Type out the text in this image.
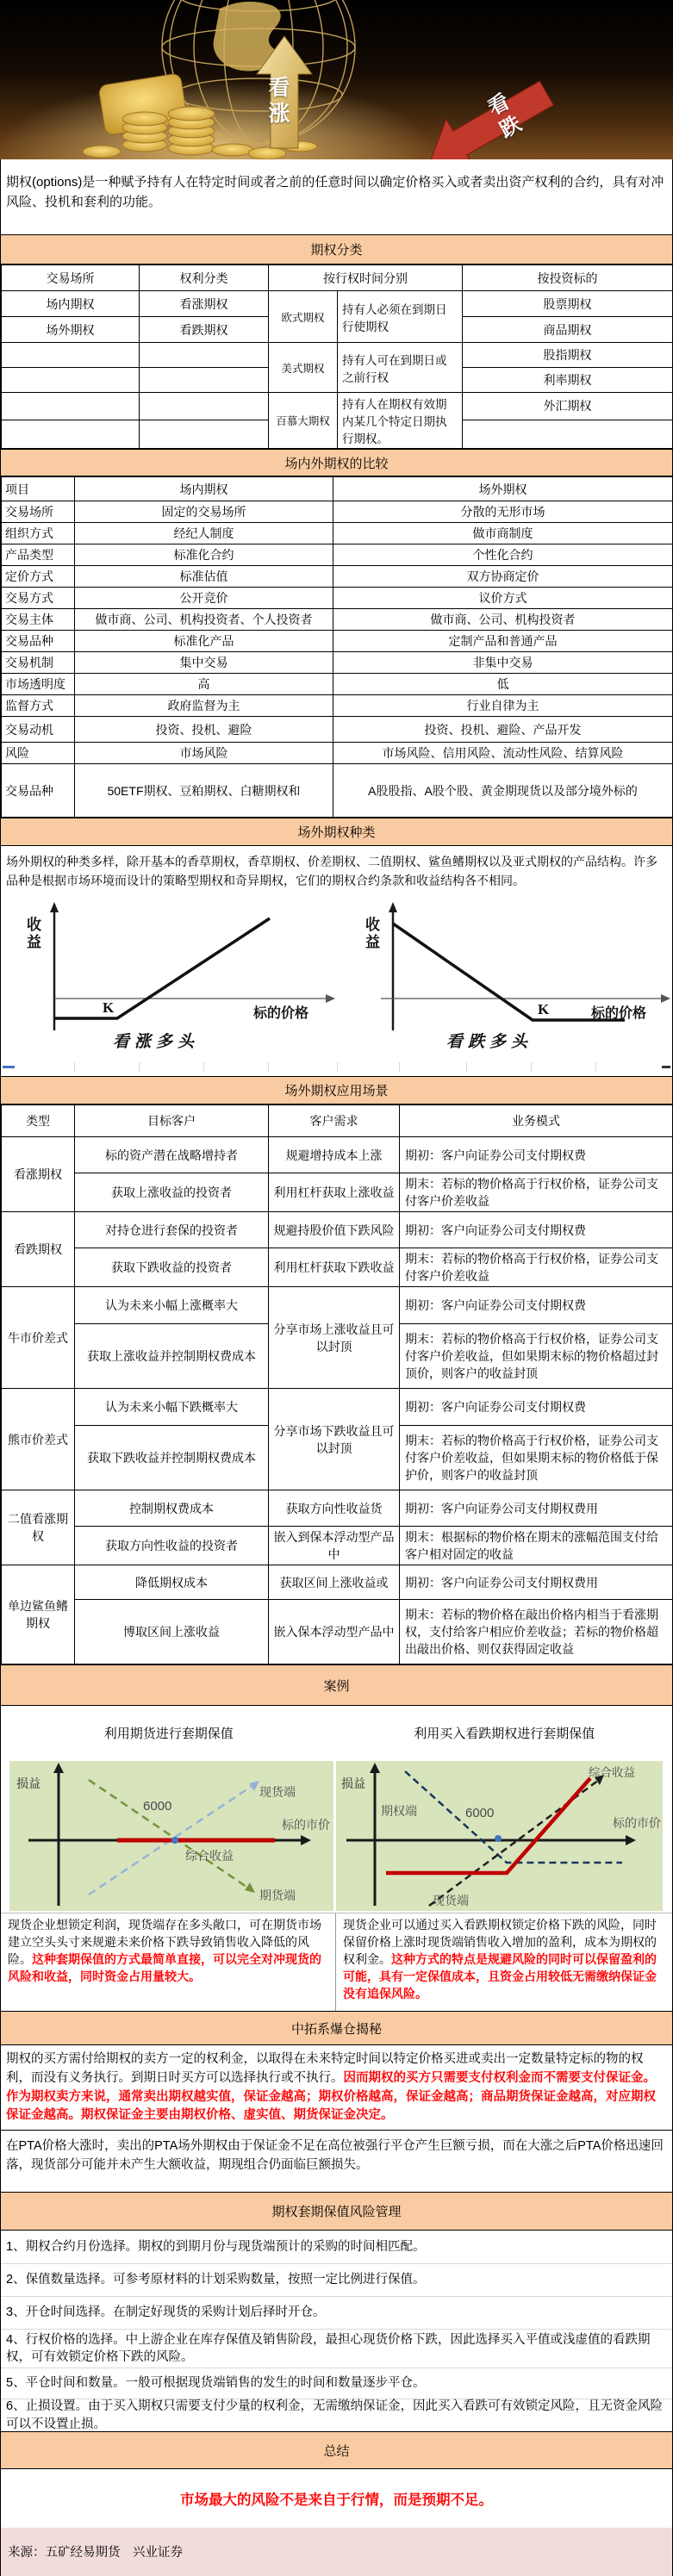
看涨	看跌
期权(options)是一种赋予持有人在特定时间或者之前的任意时间以确定价格买入或者卖出资产权利的合约，具有对冲风险、投机和套利的功能。
期权分类
交易场所	权利分类	按行权时间分别		按投资标的
场内期权	看涨期权	欧式期权	持有人必须在到期日行使期权	股票期权
场外期权	看跌期权			商品期权
		美式期权	持有人可在到期日或之前行权	股指期权
				利率期权
		百慕大期权	持有人在期权有效期内某几个特定日期执行期权。	外汇期权

场内外期权的比较
项目	场内期权	场外期权
交易场所	固定的交易场所	分散的无形市场
组织方式	经纪人制度	做市商制度
产品类型	标准化合约	个性化合约
定价方式	标准估值	双方协商定价
交易方式	公开竞价	议价方式
交易主体	做市商、公司、机构投资者、个人投资者	做市商、公司、机构投资者
交易品种	标准化产品	定制产品和普通产品
交易机制	集中交易	非集中交易
市场透明度	高	低
监督方式	政府监督为主	行业自律为主
交易动机	投资、投机、避险	投资、投机、避险、产品开发
风险	市场风险	市场风险、信用风险、流动性风险、结算风险
交易品种	50ETF期权、豆粕期权、白糖期权和	A股股指、A股个股、黄金期现货以及部分境外标的
场外期权种类
场外期权的种类多样，除开基本的香草期权，香草期权、价差期权、二值期权、鲨鱼鳍期权以及亚式期权的产品结构。许多品种是根据市场环境而设计的策略型期权和奇异期权，它们的期权合约条款和收益结构各不相同。
收益
K	标的价格
看涨多头
收益
K	标的价格
看跌多头
场外期权应用场景
类型	目标客户	客户需求	业务模式
看涨期权	标的资产潜在战略增持者	规避增持成本上涨	期初：客户向证券公司支付期权费
	获取上涨收益的投资者	利用杠杆获取上涨收益	期末：若标的物价格高于行权价格，证券公司支付客户价差收益
看跌期权	对持仓进行套保的投资者	规避持股价值下跌风险	期初：客户向证券公司支付期权费
	获取下跌收益的投资者	利用杠杆获取下跌收益	期末：若标的物价格高于行权价格，证券公司支付客户价差收益
牛市价差式	认为未来小幅上涨概率大	分享市场上涨收益且可以封顶	期初：客户向证券公司支付期权费
	获取上涨收益并控制期权费成本		期末：若标的物价格高于行权价格，证券公司支付客户价差收益，但如果期末标的物价格超过封顶价，则客户的收益封顶
熊市价差式	认为未来小幅下跌概率大	分享市场下跌收益且可以封顶	期初：客户向证券公司支付期权费
	获取下跌收益并控制期权费成本		期末：若标的物价格高于行权价格，证券公司支付客户价差收益，但如果期末标的物价格低于保护价，则客户的收益封顶
二值看涨期权	控制期权费成本	获取方向性收益货	期初：客户向证券公司支付期权费用
	获取方向性收益的投资者	嵌入到保本浮动型产品中	期末：根据标的物价格在期末的涨幅范围支付给客户相对固定的收益
单边鲨鱼鳍期权	降低期权成本	获取区间上涨收益或	期初：客户向证券公司支付期权费用
	博取区间上涨收益	嵌入保本浮动型产品中	期末：若标的物价格在敲出价格内相当于看涨期权，支付给客户相应价差收益；若标的物价格超出敲出价格、则仅获得固定收益
案例
利用期货进行套期保值	利用买入看跌期权进行套期保值
损益
6000
现货端
期货端
综合收益
标的市价
损益
期权端	6000
综合收益
现货端
标的市价
现货企业想锁定利润，现货端存在多头敞口，可在期货市场建立空头头寸来规避未来价格下跌导致销售收入降低的风险。这种套期保值的方式最简单直接，可以完全对冲现货的风险和收益，同时资金占用量较大。
现货企业可以通过买入看跌期权锁定价格下跌的风险，同时保留价格上涨时现货端销售收入增加的盈利，成本为期权的权利金。这种方式的特点是规避风险的同时可以保留盈利的可能，具有一定保值成本，且资金占用较低无需缴纳保证金没有追保风险。
中拓系爆仓揭秘
期权的买方需付给期权的卖方一定的权利金，以取得在未来特定时间以特定价格买进或卖出一定数量特定标的物的权利，而没有义务执行。到期日时买方可以选择执行或不执行。因而期权的买方只需要支付权利金而不需要支付保证金。作为期权卖方来说，通常卖出期权越实值，保证金越高；期权价格越高，保证金越高；商品期货保证金越高，对应期权保证金越高。期权保证金主要由期权价格、虚实值、期货保证金决定。
在PTA价格大涨时，卖出的PTA场外期权由于保证金不足在高位被强行平仓产生巨额亏损，而在大涨之后PTA价格迅速回落，现货部分可能并未产生大额收益，期现组合仍面临巨额损失。
期权套期保值风险管理
1、期权合约月份选择。期权的到期月份与现货端预计的采购的时间相匹配。
2、保值数量选择。可参考原材料的计划采购数量，按照一定比例进行保值。
3、开仓时间选择。在制定好现货的采购计划后择时开仓。
4、行权价格的选择。中上游企业在库存保值及销售阶段，最担心现货价格下跌，因此选择买入平值或浅虚值的看跌期权，可有效锁定价格下跌的风险。
5、平仓时间和数量。一般可根据现货端销售的发生的时间和数量逐步平仓。
6、止损设置。由于买入期权只需要支付少量的权利金，无需缴纳保证金，因此买入看跌可有效锁定风险，且无资金风险可以不设置止损。
总结
市场最大的风险不是来自于行情，而是预期不足。
来源：五矿经易期货　兴业证券
